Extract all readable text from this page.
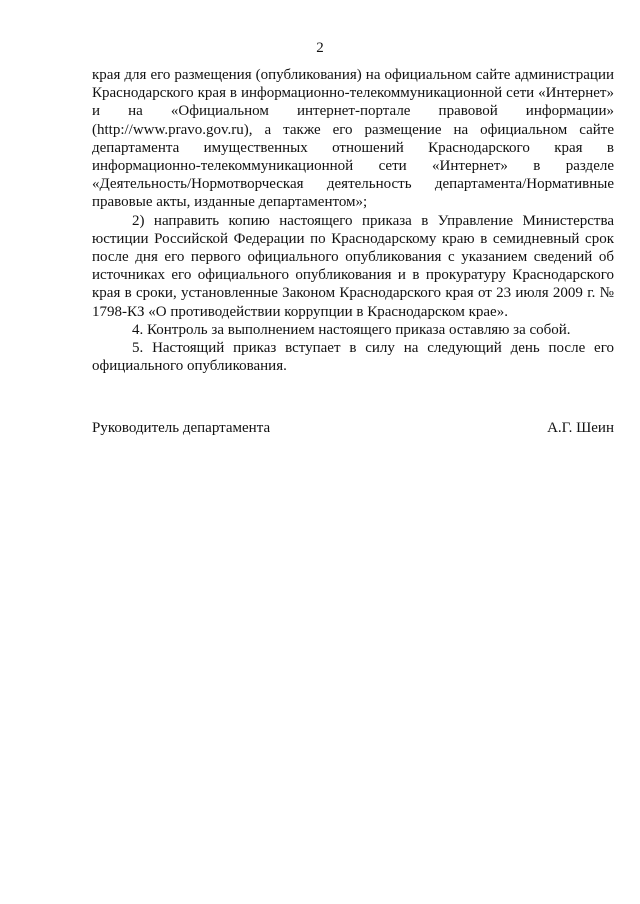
2

края для его размещения (опубликования) на официальном сайте администрации Краснодарского края в информационно-телекоммуникационной сети «Интернет» и на «Официальном интернет-портале правовой информации» (http://www.pravo.gov.ru), а также его размещение на официальном сайте департамента имущественных отношений Краснодарского края в информационно-телекоммуникационной сети «Интернет» в разделе «Деятельность/Нормотворческая деятельность департамента/Нормативные правовые акты, изданные департаментом»;

2) направить копию настоящего приказа в Управление Министерства юстиции Российской Федерации по Краснодарскому краю в семидневный срок после дня его первого официального опубликования с указанием сведений об источниках его официального опубликования и в прокуратуру Краснодарского края в сроки, установленные Законом Краснодарского края от 23 июля 2009 г. № 1798-КЗ «О противодействии коррупции в Краснодарском крае».

4. Контроль за выполнением настоящего приказа оставляю за собой.

5. Настоящий приказ вступает в силу на следующий день после его официального опубликования.

Руководитель департамента	А.Г. Шеин
